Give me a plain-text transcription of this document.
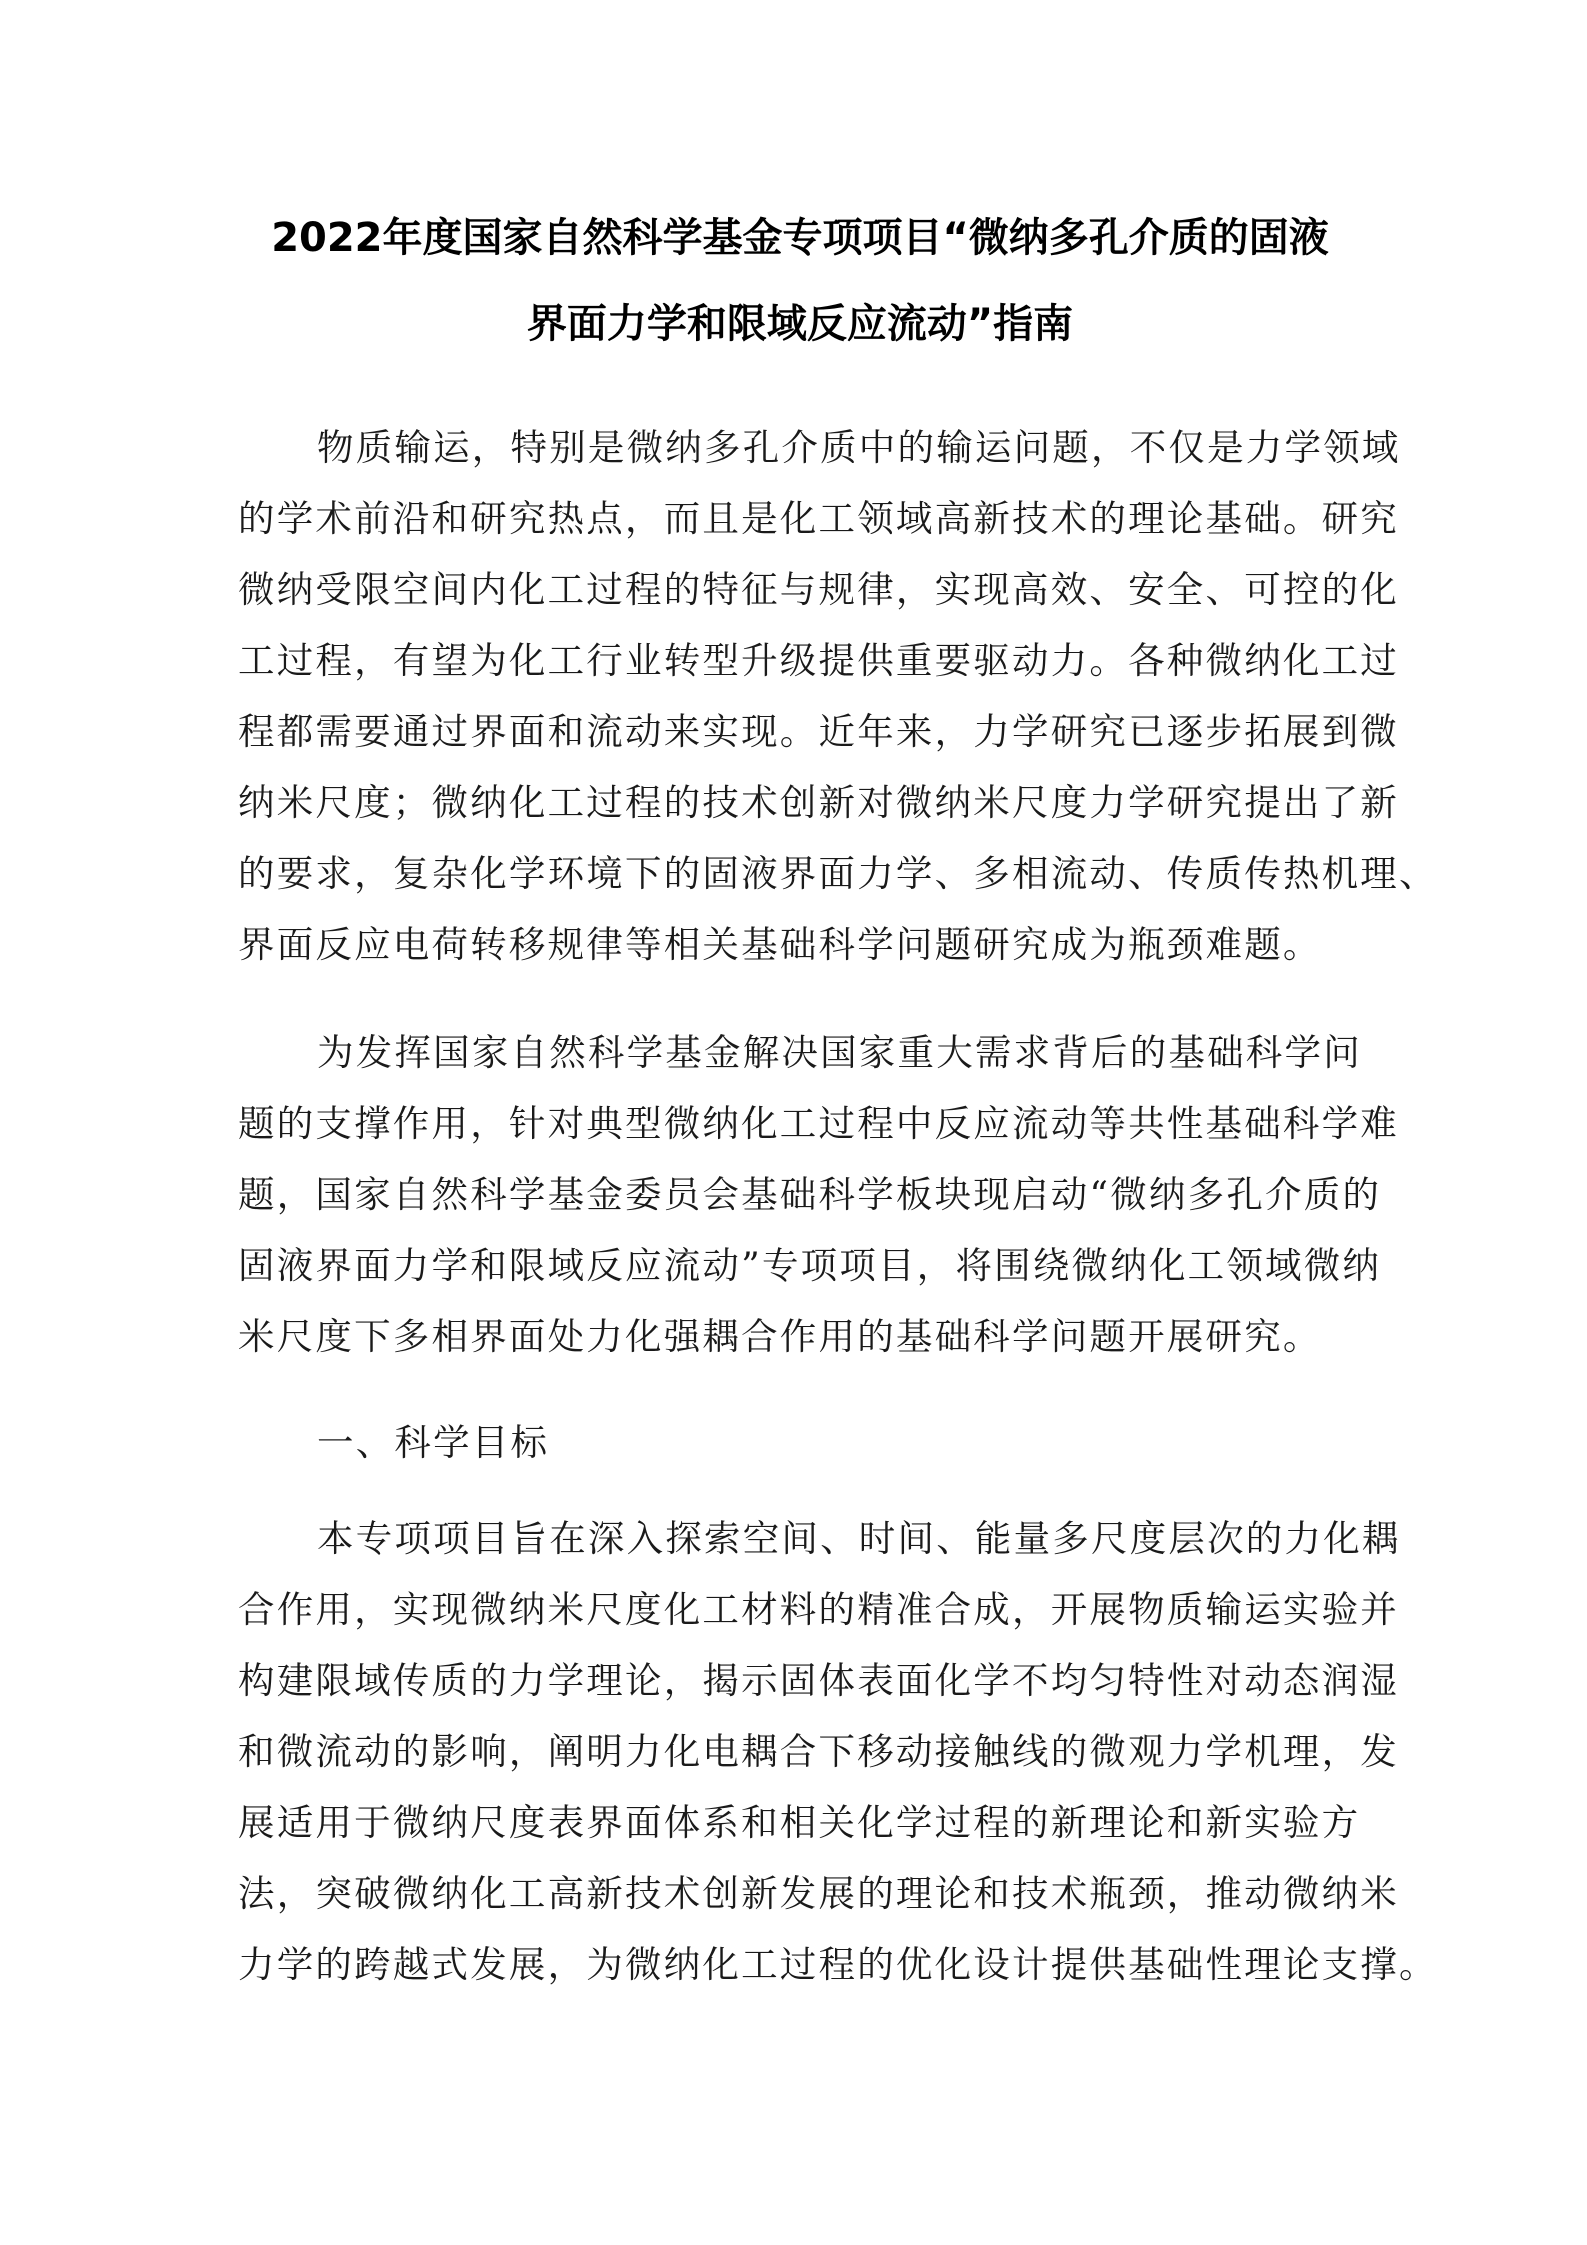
2022年度国家自然科学基金专项项目“微纳多孔介质的固液
界面力学和限域反应流动”指南
物质输运，特别是微纳多孔介质中的输运问题，不仅是力学领域
的学术前沿和研究热点，而且是化工领域高新技术的理论基础。研究
微纳受限空间内化工过程的特征与规律，实现高效、安全、可控的化
工过程，有望为化工行业转型升级提供重要驱动力。各种微纳化工过
程都需要通过界面和流动来实现。近年来，力学研究已逐步拓展到微
纳米尺度；微纳化工过程的技术创新对微纳米尺度力学研究提出了新
的要求，复杂化学环境下的固液界面力学、多相流动、传质传热机理、
界面反应电荷转移规律等相关基础科学问题研究成为瓶颈难题。
为发挥国家自然科学基金解决国家重大需求背后的基础科学问
题的支撑作用，针对典型微纳化工过程中反应流动等共性基础科学难
题，国家自然科学基金委员会基础科学板块现启动“微纳多孔介质的
固液界面力学和限域反应流动”专项项目，将围绕微纳化工领域微纳
米尺度下多相界面处力化强耦合作用的基础科学问题开展研究。
一、科学目标
本专项项目旨在深入探索空间、时间、能量多尺度层次的力化耦
合作用，实现微纳米尺度化工材料的精准合成，开展物质输运实验并
构建限域传质的力学理论，揭示固体表面化学不均匀特性对动态润湿
和微流动的影响，阐明力化电耦合下移动接触线的微观力学机理，发
展适用于微纳尺度表界面体系和相关化学过程的新理论和新实验方
法，突破微纳化工高新技术创新发展的理论和技术瓶颈，推动微纳米
力学的跨越式发展，为微纳化工过程的优化设计提供基础性理论支撑。
